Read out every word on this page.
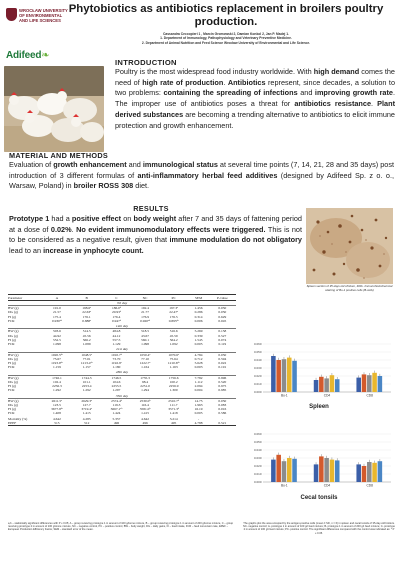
WROCŁAW UNIVERSITY
OF ENVIRONMENTAL
AND LIFE SCIENCES
Adifeed❧
Phytobiotics as antibiotics replacement in broilers poultry production.
Cassandra Ceccopieri 1 , Marcin Gromowski 2, Damian Konkol 2, Jan P. Madej 1.
1. Department of Immunology, Pathophysiology and Veterinary Preventive Medicine.
2. Department of Animal Nutrition and Feed Science Wrocław University of Environmental and Life Science.
INTRODUCTION
Poultry is the most widespread food industry worldwide. With high demand comes the need of high rate of production. Antibiotics represent, since decades, a solution to two problems: containing the spreading of infections and improving growth rate. The improper use of antibiotics poses a threat for antibiotics resistance. Plant derived substances are becoming a trending alternative to antibiotics to elicit immune protection and growth enhancement.
MATERIAL AND METHODS
Evaluation of growth enhancement and immunological status at several time points (7, 14, 21, 28 and 35 days) post introduction of 3 different formulas of anti-inflammatory herbal feed additives (designed by Adifeed Sp. z o. o., Warsaw, Poland) in broiler ROSS 308 diet.
RESULTS
Prototype 1 had a positive effect on body weight after 7 and 35 days of fattening period at a dose of 0.02%. No evident immunomodulatory effects were triggered. This is not to be considered as a negative result, given that immune modulation do not obligatory lead to an increase in ynphocyte count.
Spleen section of 35 days old chicken, 400x. Immunohistochemical staining of Bu-1 positive cells (B-cells)
Parameter	A	B	C	NC	PC	SEM	P-value
7th day							
BW (g)	191.0	198.6ᵃ	186.0ᵇ	192.4	197.3ᵃ	1.456	0.050
DG (g)	21.57	22.63ᵃ	20.93ᵇ	21.77	22.47ᵃ	0.286	0.050
FI (g)	175.4	176.1	176.4	176.9	176.5	0.314	0.629
FCR	0.930ᵃᵇ	0.888ᵃ	0.947ᵇ	0.920ᵃᵇ	0.895ᵃᵇ	0.006	0.045

14th day							
BW (g)	503.6	514.5	484.8	518.5	516.6	5.269	0.158
DG (g)	44.92	45.56	44.12	43.67	45.59	0.339	0.527
FI (g)	552.5	566.2	557.5	560.1	564.2	1.545	0.074
FCR	1.098	1.089	1.129	1.098	1.092	0.005	0.119

21st day							
BW (g)	1020.5ᵃᵇ	1048.5ᵃ	1010.7ᵇ	1050.4ᵃ	1070.6ᵃ	4.784	0.050
DG (g)	75.67	77.01	73.70	77.10	75.64	0.712	0.594
FI (g)	1193.9ᵃᵇ	1213.4ᵃᵇ	1192.9ᵃ	1222.7ᵃ	1210.6ᵃᵇ	5.628	0.022
FCR	1.159	1.157	1.180	1.164	1.163	0.003	0.191

28th day							
BW (g)	1746.1	1744.3	1746.5	1735.3	1756.6	7.782	0.996
DG (g)	102.4	101.1	104.6	98.4	100.2	1.112	0.520
FI (g)	2256.3	2253.4	2255.5	2251.0	2256.9	2.094	0.975
FCR	1.292	1.292	1.297	1.294	1.300	0.004	0.985

35th day							
BW (g)	2611.5ᵃ	2629.3ᵃ	2574.4ᵇ	2530.0ᵇ	2510.7ᵇ	14.75	0.050
DG (g)	123.5	127.7	119.3	116.4	111.7	1.963	0.083
FI (g)	3677.9ᵃᵇ	3719.4ᵃ	3667.1ᵃᵇ	3581.0ᵇ	3571.3ᵇ	16.19	0.016
FCR	1.408	1.415	1.424	1.415	1.418	0.005	0.586

Mortality (%)	4.642	4.285	5.357	4.642	3.214	-	-
EPEF	515	512	496	496	495	4.788	0.521
a,b – statistically significant differences with P ≤ 0.05; A – group receiving prototype 1 in amount of 100 g/tonne mixture, B – group receiving prototype 1 in amount of 200 g/tonne mixture, C – group receiving prototype 2 in amount of 100 g/tonne mixture, NC – negative control, PC – positive control, BW – body weight, DG – daily gains, FI – feed intake, FCR – feed conversion rate, EPEF – European Production Efficiency Factor, SEM – standard error of the mean.
0.000
0.010
0.020
0.030
0.040
0.050
0.060
Bu-1	CD4	CD8
Spleen
0.000
0.010
0.020
0.030
0.040
0.050
0.060
Bu-1	CD4	CD8
Cecal tonsils
The graphs plot the area occupied by the antigen-positive cells (mean ± SD, n = 6) in spleen and cecal tonsils of 35-day-old broilers. NC- negative control; A- prototype 1 in amount of 100 g/t feed mixture; B- prototype 1 in amount of 200 g/t feed mixture; C- prototype 2 in amount of 100 g/t feed mixture; PC- positive control. The significant differences compared with the control was indicated as: * P ≤ 0.05.
